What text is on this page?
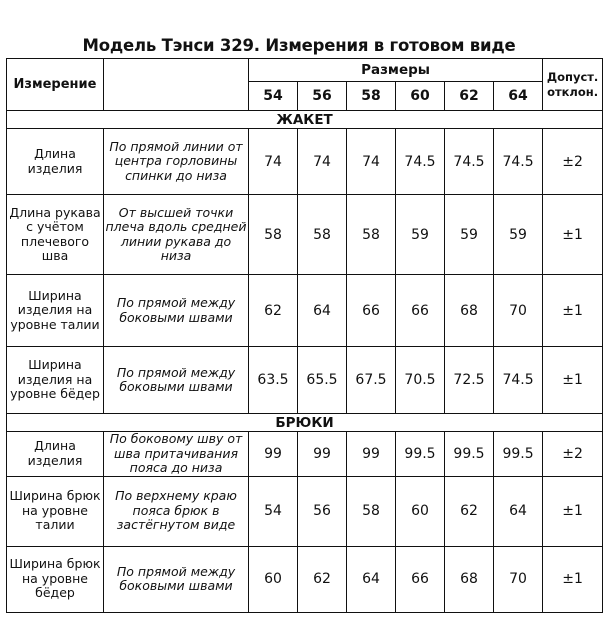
Модель Тэнси 329. Измерения в готовом виде
Измерение		Размеры						Допуст. отклон.
		54	56	58	60	62	64	
ЖАКЕТ								
Длина изделия	По прямой линии от центра горловины спинки до низа	74	74	74	74.5	74.5	74.5	±2
Длина рукава с учётом плечевого шва	От высшей точки плеча вдоль средней линии рукава до низа	58	58	58	59	59	59	±1
Ширина изделия на уровне талии	По прямой между боковыми швами	62	64	66	66	68	70	±1
Ширина изделия на уровне бёдер	По прямой между боковыми швами	63.5	65.5	67.5	70.5	72.5	74.5	±1
БРЮКИ								
Длина изделия	По боковому шву от шва притачивания пояса до низа	99	99	99	99.5	99.5	99.5	±2
Ширина брюк на уровне талии	По верхнему краю пояса брюк в застёгнутом виде	54	56	58	60	62	64	±1
Ширина брюк на уровне бёдер	По прямой между боковыми швами	60	62	64	66	68	70	±1
